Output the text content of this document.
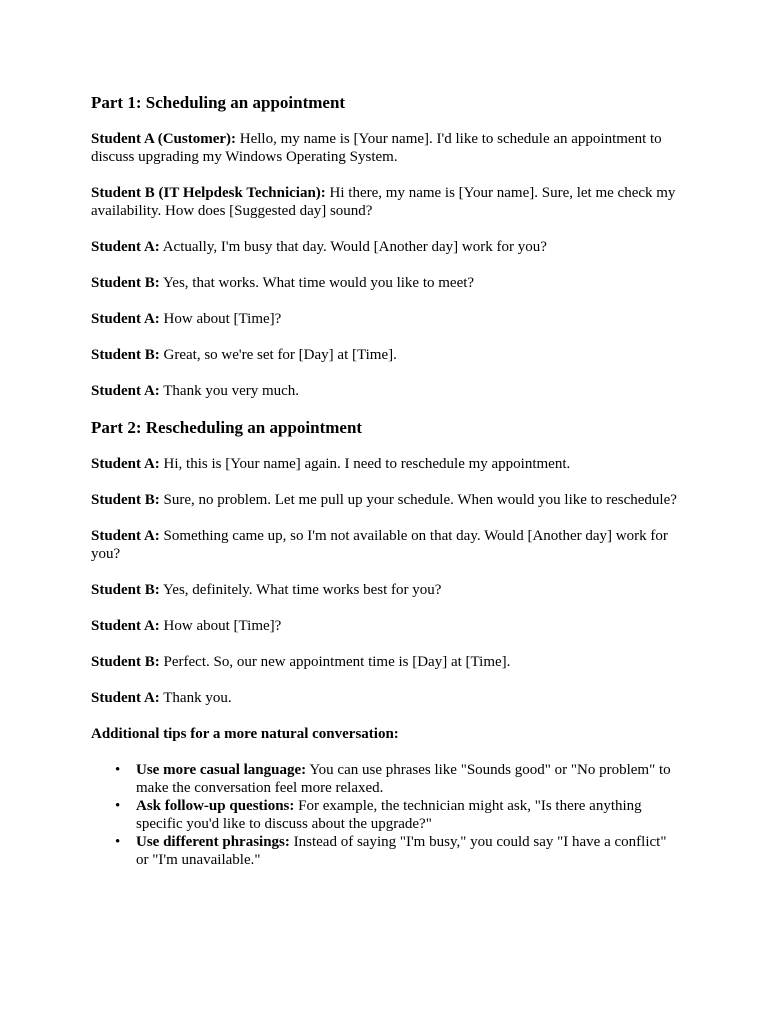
Part 1: Scheduling an appointment

Student A (Customer): Hello, my name is [Your name]. I'd like to schedule an appointment to discuss upgrading my Windows Operating System.

Student B (IT Helpdesk Technician): Hi there, my name is [Your name]. Sure, let me check my availability. How does [Suggested day] sound?

Student A: Actually, I'm busy that day. Would [Another day] work for you?

Student B: Yes, that works. What time would you like to meet?

Student A: How about [Time]?

Student B: Great, so we're set for [Day] at [Time].

Student A: Thank you very much.

Part 2: Rescheduling an appointment

Student A: Hi, this is [Your name] again. I need to reschedule my appointment.

Student B: Sure, no problem. Let me pull up your schedule. When would you like to reschedule?

Student A: Something came up, so I'm not available on that day. Would [Another day] work for you?

Student B: Yes, definitely. What time works best for you?

Student A: How about [Time]?

Student B: Perfect. So, our new appointment time is [Day] at [Time].

Student A: Thank you.

Additional tips for a more natural conversation:

• Use more casual language: You can use phrases like "Sounds good" or "No problem" to make the conversation feel more relaxed.
• Ask follow-up questions: For example, the technician might ask, "Is there anything specific you'd like to discuss about the upgrade?"
• Use different phrasings: Instead of saying "I'm busy," you could say "I have a conflict" or "I'm unavailable."
